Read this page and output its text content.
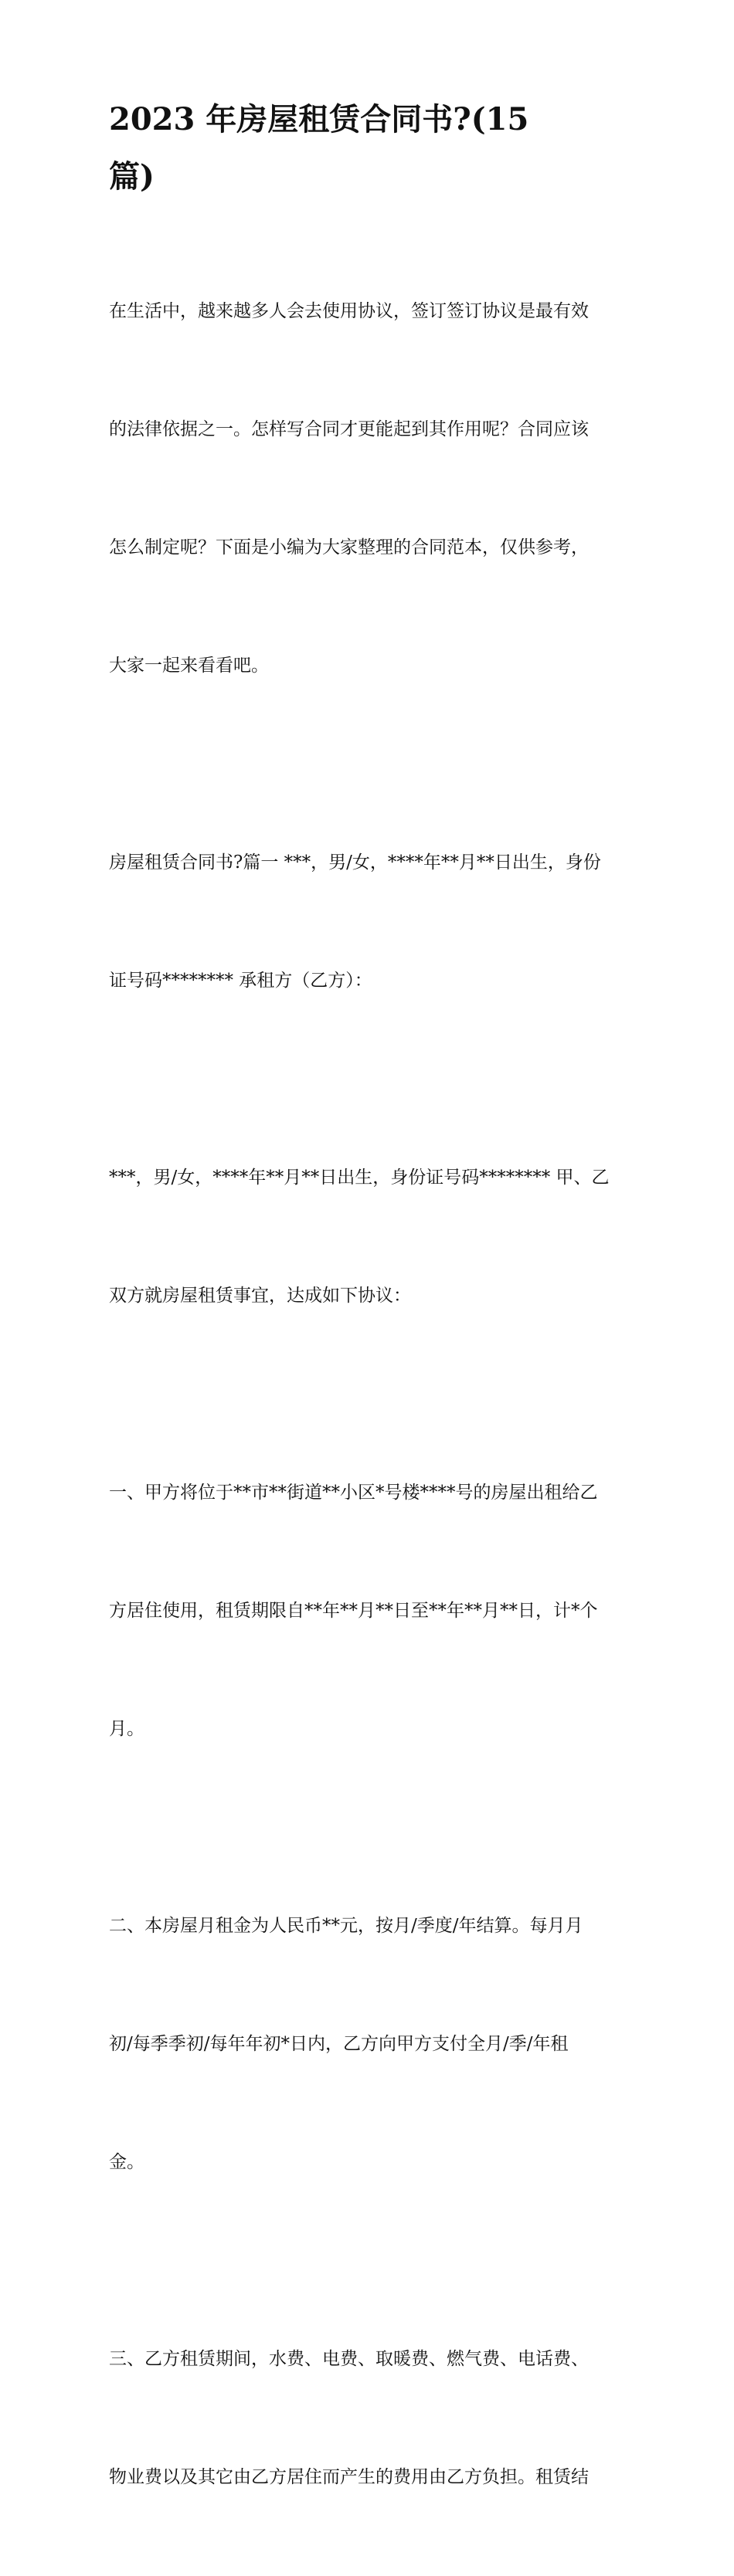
2023 年房屋租赁合同书?(15
篇)

在生活中，越来越多人会去使用协议，签订签订协议是最有效

的法律依据之一。怎样写合同才更能起到其作用呢？合同应该

怎么制定呢？下面是小编为大家整理的合同范本，仅供参考，

大家一起来看看吧。

房屋租赁合同书?篇一 ***，男/女，****年**月**日出生，身份

证号码******** 承租方（乙方）：

***，男/女，****年**月**日出生，身份证号码******** 甲、乙

双方就房屋租赁事宜，达成如下协议：

一、甲方将位于**市**街道**小区*号楼****号的房屋出租给乙

方居住使用，租赁期限自**年**月**日至**年**月**日，计*个

月。

二、本房屋月租金为人民币**元，按月/季度/年结算。每月月

初/每季季初/每年年初*日内，乙方向甲方支付全月/季/年租

金。

三、乙方租赁期间，水费、电费、取暖费、燃气费、电话费、

物业费以及其它由乙方居住而产生的费用由乙方负担。租赁结
